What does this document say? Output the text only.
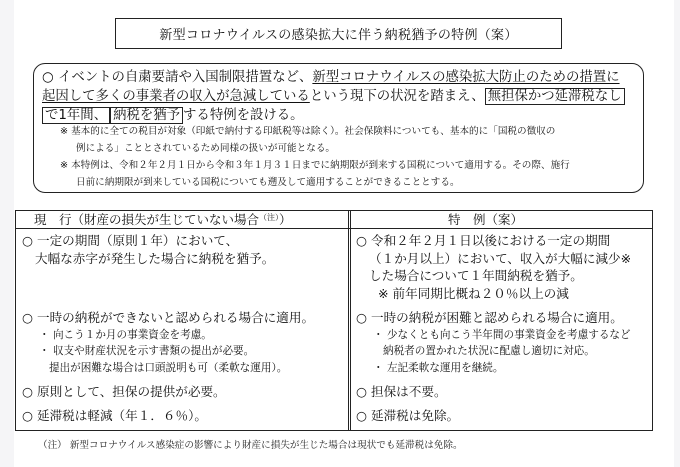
新型コロナウイルスの感染拡大に伴う納税猶予の特例（案）
○ イベントの自粛要請や入国制限措置など、新型コロナウイルスの感染拡大防止のための措置に
起因して多くの事業者の収入が急減しているという現下の状況を踏まえ、 無担保かつ延滞税なし
で1年間、 納税を猶予 する特例を設ける。
※ 基本的に全ての税目が対象（印紙で納付する印紙税等は除く）。社会保険料についても、基本的に「国税の徴収の
例による」こととされているため同様の扱いが可能となる。
※ 本特例は、令和２年２月１日から令和３年１月３１日までに納期限が到来する国税について適用する。その際、施行
日前に納期限が到来している国税についても遡及して適用することができることとする。
現　行（財産の損失が生じていない場合$^{(注)}$）	特　例（案）
○ 一定の期間（原則１年）において、
大幅な赤字が発生した場合に納税を猶予。
○ 一時の納税ができないと認められる場合に適用。
・ 向こう１か月の事業資金を考慮。
・ 収支や財産状況を示す書類の提出が必要。
提出が困難な場合は口頭説明も可（柔軟な運用）。
○ 原則として、担保の提供が必要。
○ 延滞税は軽減（年１．６％）。
○ 令和２年２月１日以後における一定の期間
（１か月以上）において、収入が大幅に減少※
した場合について１年間納税を猶予。
※ 前年同期比概ね２０％以上の減
○ 一時の納税が困難と認められる場合に適用。
・ 少なくとも向こう半年間の事業資金を考慮するなど
納税者の置かれた状況に配慮し適切に対応。
・ 左記柔軟な運用を継続。
○ 担保は不要。
○ 延滞税は免除。
（注） 新型コロナウイルス感染症の影響により財産に損失が生じた場合は現状でも延滞税は免除。
